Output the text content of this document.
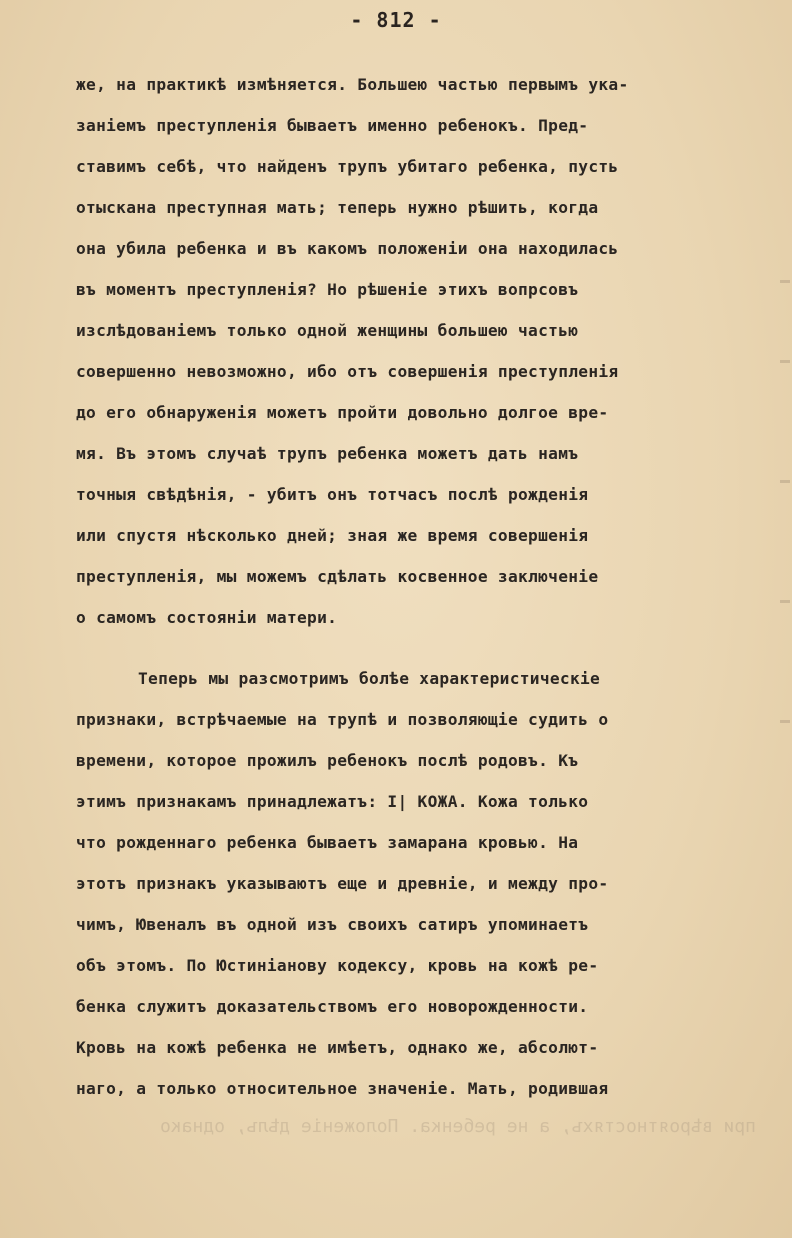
- 812 -
же, на практикѣ измѣняется. Большею частью первымъ ука-
занiемъ преступленiя бываетъ именно ребенокъ. Пред-
ставимъ себѣ, что найденъ трупъ убитаго ребенка, пусть
отыскана преступная мать; теперь нужно рѣшить, когда
она убила ребенка и въ какомъ положенiи она находилась
въ моментъ преступленiя? Но рѣшенiе этихъ вопрсовъ
изслѣдованiемъ только одной женщины большею частью
совершенно невозможно, ибо отъ совершенiя преступленiя
до его обнаруженiя можетъ пройти довольно долгое вре-
мя. Въ этомъ случаѣ трупъ ребенка можетъ дать намъ
точныя свѣдѣнiя, - убитъ онъ тотчасъ послѣ рожденiя
или спустя нѣсколько дней; зная же время совершенiя
преступленiя, мы можемъ сдѣлать косвенное заключенiе
о самомъ состоянiи матери.
Теперь мы разсмотримъ болѣе характеристическiе
признаки, встрѣчаемые на трупѣ и позволяющiе судить о
времени, которое прожилъ ребенокъ послѣ родовъ. Къ
этимъ признакамъ принадлежатъ: I| КОЖА. Кожа только
что рожденнаго ребенка бываетъ замарана кровью. На
этотъ признакъ указываютъ еще и древнiе, и между про-
чимъ, Ювеналъ въ одной изъ своихъ сатиръ упоминаетъ
объ этомъ. По Юстинiанову кодексу, кровь на кожѣ ре-
бенка служитъ доказательствомъ его новорожденности.
Кровь на кожѣ ребенка не имѣетъ, однако же, абсолют-
наго, а только относительное значенiе. Мать, родившая
при вѣроятностяхъ, а не ребенка. Положенiе дѣлъ, однако
